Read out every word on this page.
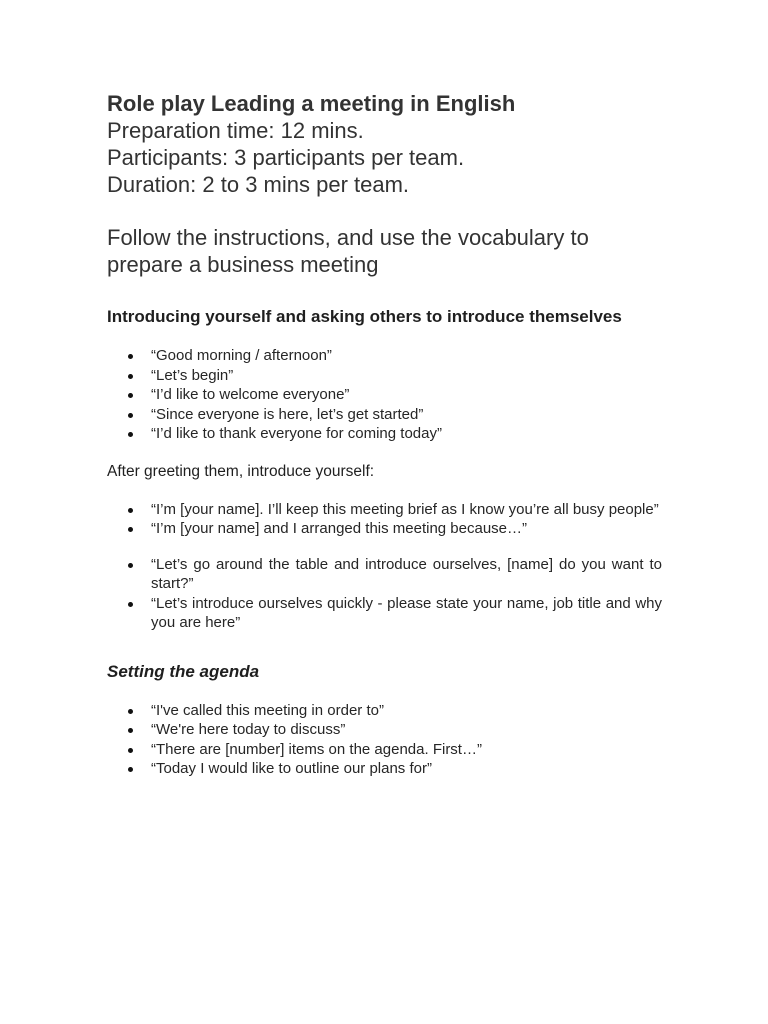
Role play Leading a meeting in English

Preparation time: 12 mins.

Participants: 3 participants per team.

Duration: 2 to 3 mins per team.

Follow the instructions, and use the vocabulary to prepare a business meeting

Introducing yourself and asking others to introduce themselves
“Good morning / afternoon”
“Let’s begin”
“I’d like to welcome everyone”
“Since everyone is here, let’s get started”
“I’d like to thank everyone for coming today”

After greeting them, introduce yourself:

“I’m [your name]. I’ll keep this meeting brief as I know you’re all busy people”
“I’m [your name] and I arranged this meeting because…”
“Let’s go around the table and introduce ourselves, [name] do you want to start?”
“Let’s introduce ourselves quickly - please state your name, job title and why you are here”
Setting the agenda
“I've called this meeting in order to”
“We're here today to discuss”
“There are [number] items on the agenda. First…”
“Today I would like to outline our plans for”
